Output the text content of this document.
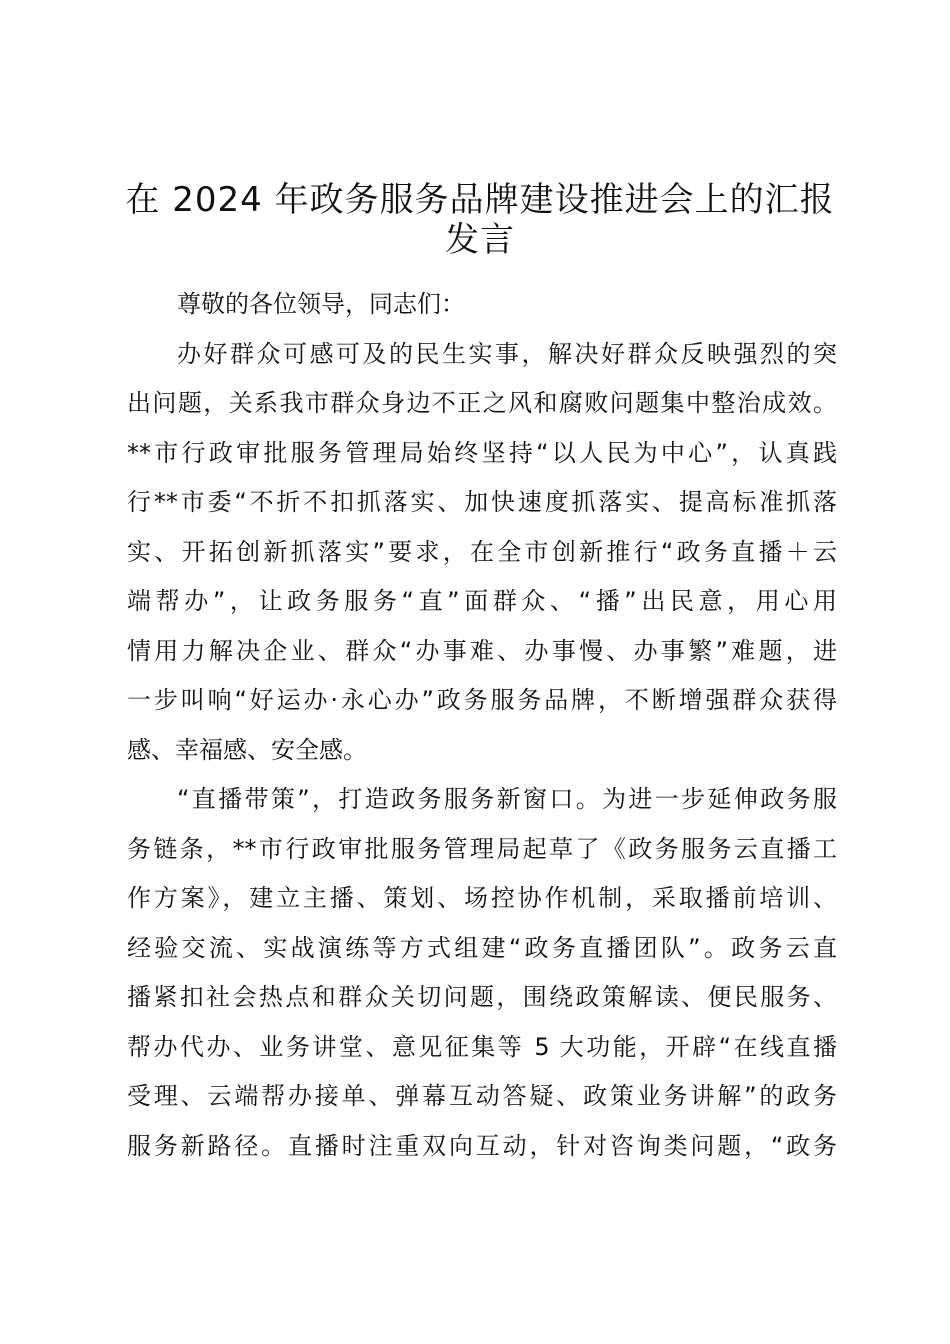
在 2024 年政务服务品牌建设推进会上的汇报
发言
尊敬的各位领导，同志们：
办好群众可感可及的民生实事，解决好群众反映强烈的突
出问题，关系我市群众身边不正之风和腐败问题集中整治成效。
**市行政审批服务管理局始终坚持“以人民为中心”，认真践
行**市委“不折不扣抓落实、加快速度抓落实、提高标准抓落
实、开拓创新抓落实”要求，在全市创新推行“政务直播＋云
端帮办”，让政务服务“直”面群众、“播”出民意，用心用
情用力解决企业、群众“办事难、办事慢、办事繁”难题，进
一步叫响“好运办·永心办”政务服务品牌，不断增强群众获得
感、幸福感、安全感。
“直播带策”，打造政务服务新窗口。为进一步延伸政务服
务链条，**市行政审批服务管理局起草了《政务服务云直播工
作方案》，建立主播、策划、场控协作机制，采取播前培训、
经验交流、实战演练等方式组建“政务直播团队”。政务云直
播紧扣社会热点和群众关切问题，围绕政策解读、便民服务、
帮办代办、业务讲堂、意见征集等 5 大功能，开辟“在线直播
受理、云端帮办接单、弹幕互动答疑、政策业务讲解”的政务
服务新路径。直播时注重双向互动，针对咨询类问题，“政务
